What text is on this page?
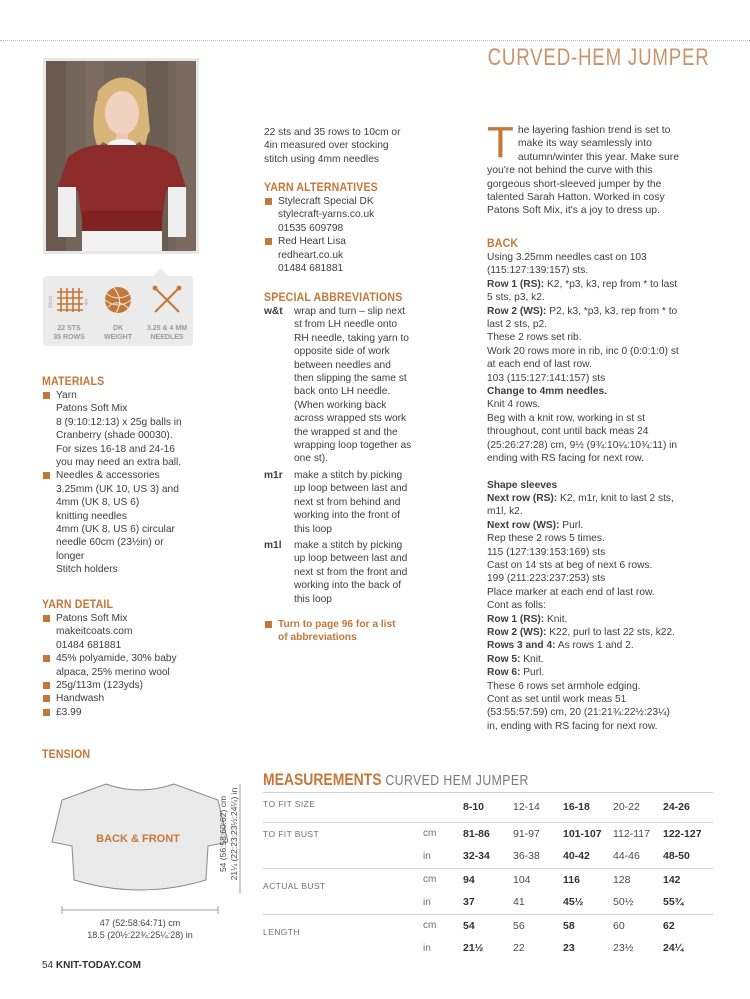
CURVED-HEM JUMPER
10cm	4in
22 STS
35 ROWS
DK
WEIGHT
3.25 & 4 MM
NEEDLES
MATERIALS
Yarn
Patons Soft Mix
8 (9:10:12:13) x 25g balls in
Cranberry (shade 00030).
For sizes 16-18 and 24-16
you may need an extra ball.
Needles & accessories
3.25mm (UK 10, US 3) and
4mm (UK 8, US 6)
knitting needles
4mm (UK 8, US 6) circular
needle 60cm (23½in) or
longer
Stitch holders
YARN DETAIL
Patons Soft Mix
makeitcoats.com
01484 681881
45% polyamide, 30% baby
alpaca, 25% merino wool
25g/113m (123yds)
Handwash
£3.99
TENSION
22 sts and 35 rows to 10cm or
4in measured over stocking
stitch using 4mm needles
YARN ALTERNATIVES
Stylecraft Special DK
stylecraft-yarns.co.uk
01535 609798
Red Heart Lisa
redheart.co.uk
01484 681881
SPECIAL ABBREVIATIONS
w&t	wrap and turn – slip next st from LH needle onto RH needle, taking yarn to opposite side of work between needles and then slipping the same st back onto LH needle. (When working back across wrapped sts work the wrapped st and the wrapping loop together as one st).
m1r	make a stitch by picking up loop between last and next st from behind and working into the front of this loop
m1l	make a stitch by picking up loop between last and next st from the front and working into the back of this loop
Turn to page 96 for a list
of abbreviations
T he layering fashion trend is set to make its way seamlessly into autumn/winter this year. Make sure you're not behind the curve with this gorgeous short-sleeved jumper by the talented Sarah Hatton. Worked in cosy Patons Soft Mix, it's a joy to dress up.
BACK
Using 3.25mm needles cast on 103 (115:127:139:157) sts.
Row 1 (RS): K2, *p3, k3, rep from * to last 5 sts, p3, k2.
Row 2 (WS): P2, k3, *p3, k3, rep from * to last 2 sts, p2.
These 2 rows set rib.
Work 20 rows more in rib, inc 0 (0:0:1:0) st at each end of last row.
103 (115:127:141:157) sts
Change to 4mm needles.
Knit 4 rows.
Beg with a knit row, working in st st throughout, cont until back meas 24 (25:26:27:28) cm, 9½ (9¾:10¼:10¾:11) in ending with RS facing for next row.
Shape sleeves
Next row (RS): K2, m1r, knit to last 2 sts, m1l, k2.
Next row (WS): Purl.
Rep these 2 rows 5 times.
115 (127:139:153:169) sts
Cast on 14 sts at beg of next 6 rows.
199 (211:223:237:253) sts
Place marker at each end of last row.
Cont as folls:
Row 1 (RS): Knit.
Row 2 (WS): K22, purl to last 22 sts, k22.
Rows 3 and 4: As rows 1 and 2.
Row 5: Knit.
Row 6: Purl.
These 6 rows set armhole edging.
Cont as set until work meas 51 (53:55:57:59) cm, 20 (21:21¾:22½:23¼) in, ending with RS facing for next row.
BACK & FRONT
47 (52:58:64:71) cm
18.5 (20½:22¾:25¼:28) in
54 (56:58:60:62) cm 21¼ (22:23:23½:24¼) in
MEASUREMENTS CURVED HEM JUMPER
TO FIT SIZE		8-10	12-14	16-18	20-22	24-26
TO FIT BUST	cm	81-86	91-97	101-107	112-117	122-127
	in	32-34	36-38	40-42	44-46	48-50
ACTUAL BUST	cm	94	104	116	128	142
	in	37	41	45½	50½	55¾
LENGTH	cm	54	56	58	60	62
	in	21½	22	23	23½	24¼
54 KNIT-TODAY.COM
